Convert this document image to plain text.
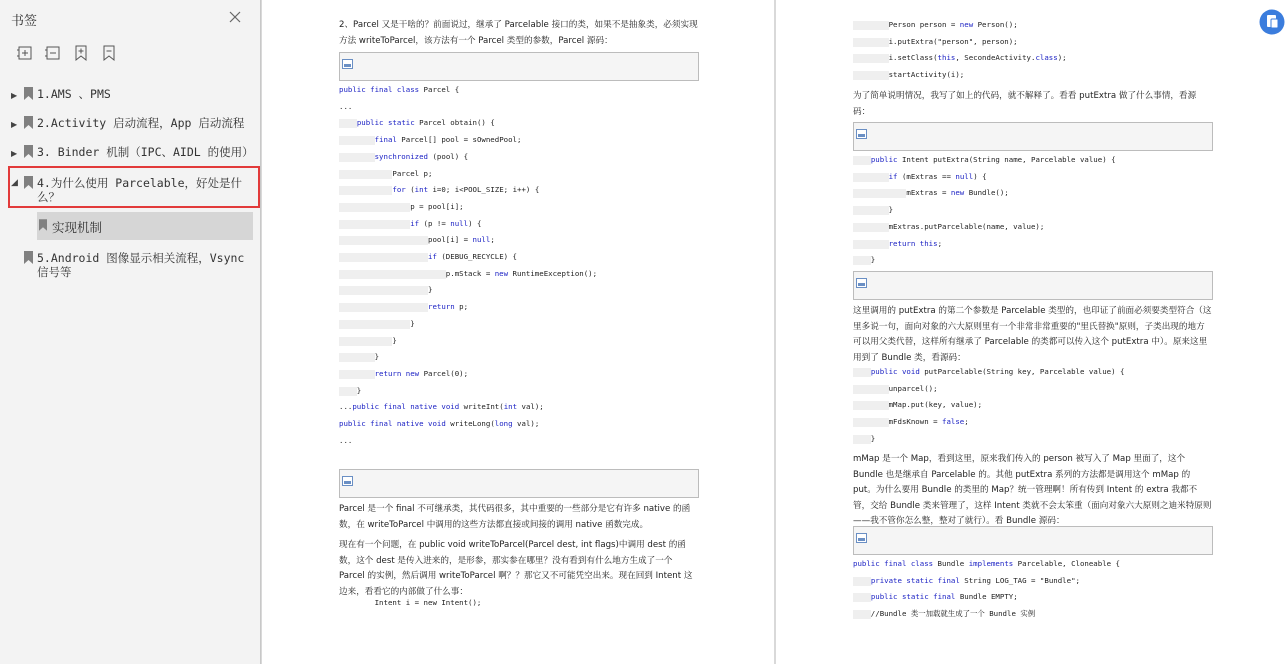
书签
▶ 1.AMS 、PMS
▶ 2.Activity 启动流程，App 启动流程
▶ 3. Binder 机制（IPC、AIDL 的使用）
◢ 4.为什么使用 Parcelable，好处是什么？
实现机制
5.Android 图像显示相关流程，Vsync 信号等
2、Parcel 又是干啥的？前面说过，继承了 Parcelable 接口的类，如果不是抽象类，必须实现方法 writeToParcel，该方法有一个 Parcel 类型的参数，Parcel 源码：
public final class Parcel {
...
public static Parcel obtain() {
final Parcel[] pool = sOwnedPool;
synchronized (pool) {
Parcel p;
for (int i=0; i<POOL_SIZE; i++) {
p = pool[i];
if (p != null) {
pool[i] = null;
if (DEBUG_RECYCLE) {
p.mStack = new RuntimeException();
}
return p;
}
}
}
return new Parcel(0);
}
...public final native void writeInt(int val);
public final native void writeLong(long val);
...
Parcel 是一个 final 不可继承类，其代码很多，其中重要的一些部分是它有许多 native 的函数，在 writeToParcel 中调用的这些方法都直接或间接的调用 native 函数完成。
现在有一个问题，在 public void writeToParcel(Parcel dest, int flags)中调用 dest 的函数，这个 dest 是传入进来的，是形参，那实参在哪里？没有看到有什么地方生成了一个 Parcel 的实例，然后调用 writeToParcel 啊？？那它又不可能凭空出来。现在回到 Intent 这边来，看看它的内部做了什么事：
Intent i = new Intent();
Person person = new Person();
i.putExtra("person", person);
i.setClass(this, SecondeActivity.class);
startActivity(i);
为了简单说明情况，我写了如上的代码，就不解释了。看看 putExtra 做了什么事情，看源码：
public Intent putExtra(String name, Parcelable value) {
if (mExtras == null) {
mExtras = new Bundle();
}
mExtras.putParcelable(name, value);
return this;
}
这里调用的 putExtra 的第二个参数是 Parcelable 类型的，也印证了前面必须要类型符合（这里多说一句，面向对象的六大原则里有一个非常非常重要的"里氏替换"原则，子类出现的地方可以用父类代替，这样所有继承了 Parcelable 的类都可以传入这个 putExtra 中）。原来这里用到了 Bundle 类，看源码：
public void putParcelable(String key, Parcelable value) {
unparcel();
mMap.put(key, value);
mFdsKnown = false;
}
mMap 是一个 Map，看到这里，原来我们传入的 person 被写入了 Map 里面了，这个 Bundle 也是继承自 Parcelable 的。其他 putExtra 系列的方法都是调用这个 mMap 的 put。为什么要用 Bundle 的类里的 Map？统一管理啊！所有传到 Intent 的 extra 我都不管，交给 Bundle 类来管理了，这样 Intent 类就不会太笨重（面向对象六大原则之迪米特原则——我不管你怎么整，整对了就行）。看 Bundle 源码：
public final class Bundle implements Parcelable, Cloneable {
private static final String LOG_TAG = "Bundle";
public static final Bundle EMPTY;
//Bundle 类一加载就生成了一个 Bundle 实例
